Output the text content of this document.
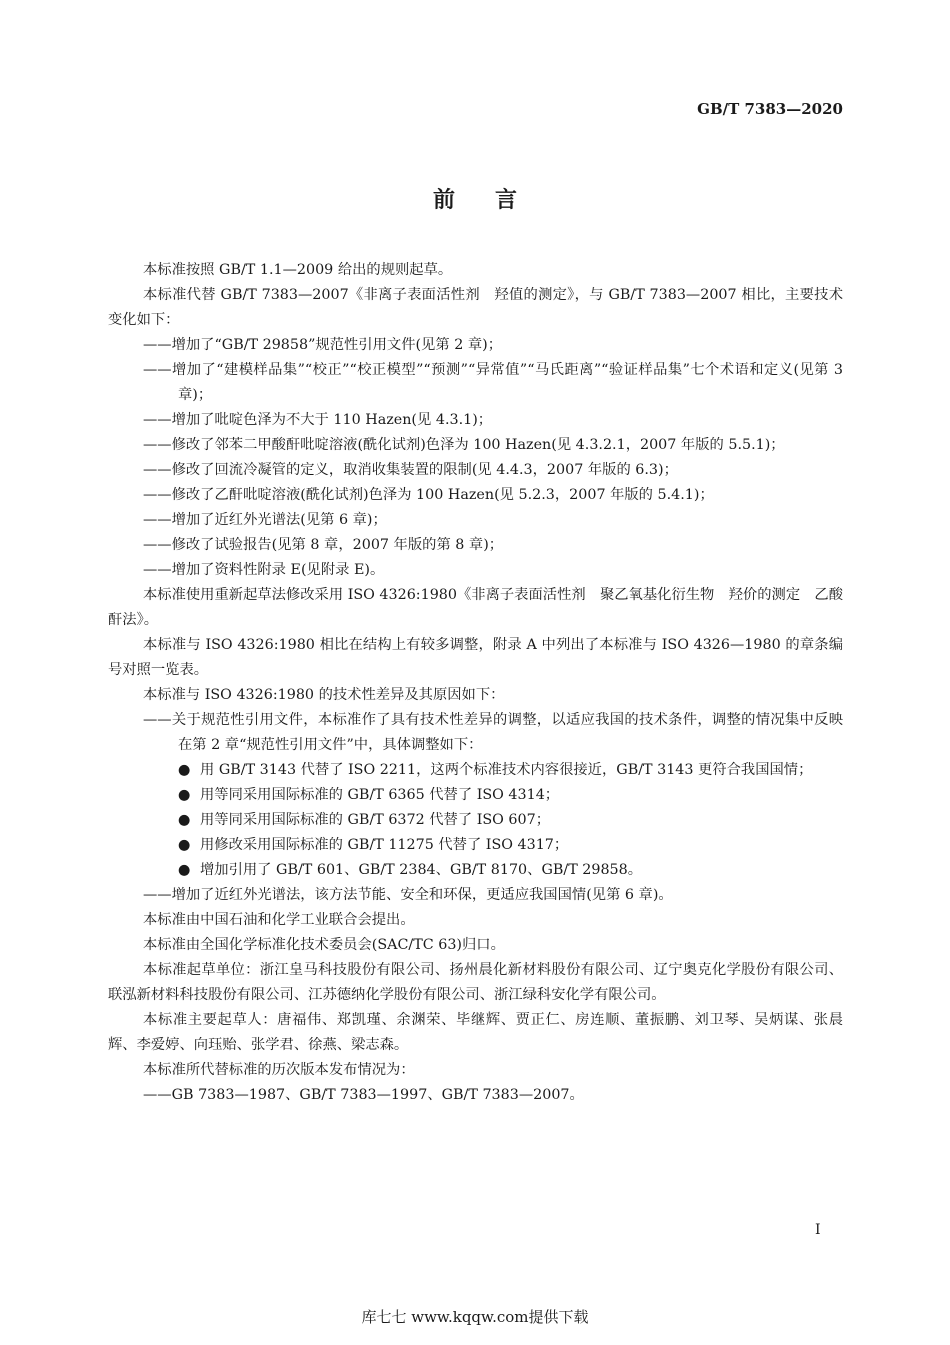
GB/T 7383—2020
前言

本标准按照 GB/T 1.1—2009 给出的规则起草。

本标准代替 GB/T 7383—2007《非离子表面活性剂　羟值的测定》，与 GB/T 7383—2007 相比，主要技术变化如下：

——增加了“GB/T 29858”规范性引用文件(见第 2 章)；

——增加了“建模样品集”“校正”“校正模型”“预测”“异常值”“马氏距离”“验证样品集”七个术语和定义(见第 3 章)；

——增加了吡啶色泽为不大于 110 Hazen(见 4.3.1)；

——修改了邻苯二甲酸酐吡啶溶液(酰化试剂)色泽为 100 Hazen(见 4.3.2.1，2007 年版的 5.5.1)；

——修改了回流冷凝管的定义，取消收集装置的限制(见 4.4.3，2007 年版的 6.3)；

——修改了乙酐吡啶溶液(酰化试剂)色泽为 100 Hazen(见 5.2.3，2007 年版的 5.4.1)；

——增加了近红外光谱法(见第 6 章)；

——修改了试验报告(见第 8 章，2007 年版的第 8 章)；

——增加了资料性附录 E(见附录 E)。

本标准使用重新起草法修改采用 ISO 4326:1980《非离子表面活性剂　聚乙氧基化衍生物　羟价的测定　乙酸酐法》。

本标准与 ISO 4326:1980 相比在结构上有较多调整，附录 A 中列出了本标准与 ISO 4326—1980 的章条编号对照一览表。

本标准与 ISO 4326:1980 的技术性差异及其原因如下：

——关于规范性引用文件，本标准作了具有技术性差异的调整，以适应我国的技术条件，调整的情况集中反映在第 2 章“规范性引用文件”中，具体调整如下：

● 用 GB/T 3143 代替了 ISO 2211，这两个标准技术内容很接近，GB/T 3143 更符合我国国情；

● 用等同采用国际标准的 GB/T 6365 代替了 ISO 4314；

● 用等同采用国际标准的 GB/T 6372 代替了 ISO 607；

● 用修改采用国际标准的 GB/T 11275 代替了 ISO 4317；

● 增加引用了 GB/T 601、GB/T 2384、GB/T 8170、GB/T 29858。

——增加了近红外光谱法，该方法节能、安全和环保，更适应我国国情(见第 6 章)。

本标准由中国石油和化学工业联合会提出。

本标准由全国化学标准化技术委员会(SAC/TC 63)归口。

本标准起草单位：浙江皇马科技股份有限公司、扬州晨化新材料股份有限公司、辽宁奥克化学股份有限公司、联泓新材料科技股份有限公司、江苏德纳化学股份有限公司、浙江绿科安化学有限公司。

本标准主要起草人：唐福伟、郑凯瑾、余渊荣、毕继辉、贾正仁、房连顺、董振鹏、刘卫琴、吴炳谋、张晨辉、李爱婷、向珏贻、张学君、徐燕、梁志森。

本标准所代替标准的历次版本发布情况为：

——GB 7383—1987、GB/T 7383—1997、GB/T 7383—2007。

I
库七七 www.kqqw.com提供下载
